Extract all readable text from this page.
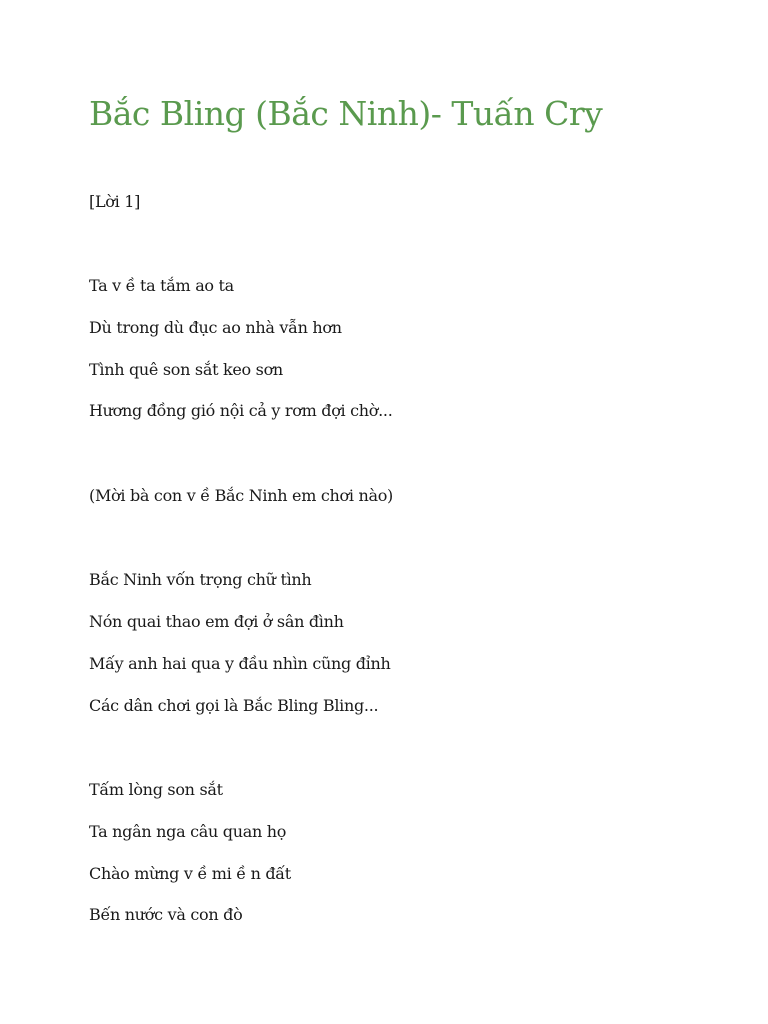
Bắc Bling (Bắc Ninh)- Tuấn Cry

[Lời 1]

Ta v ề ta tắm ao ta

Dù trong dù đục ao nhà vẫn hơn

Tình quê son sắt keo sơn

Hương đồng gió nội cả y rơm đợi chờ...

(Mời bà con v ề Bắc Ninh em chơi nào)

Bắc Ninh vốn trọng chữ tình

Nón quai thao em đợi ở sân đình

Mấy anh hai qua y đầu nhìn cũng đỉnh

Các dân chơi gọi là Bắc Bling Bling...

Tấm lòng son sắt

Ta ngân nga câu quan họ

Chào mừng v ề mi ề n đất

Bến nước và con đò
